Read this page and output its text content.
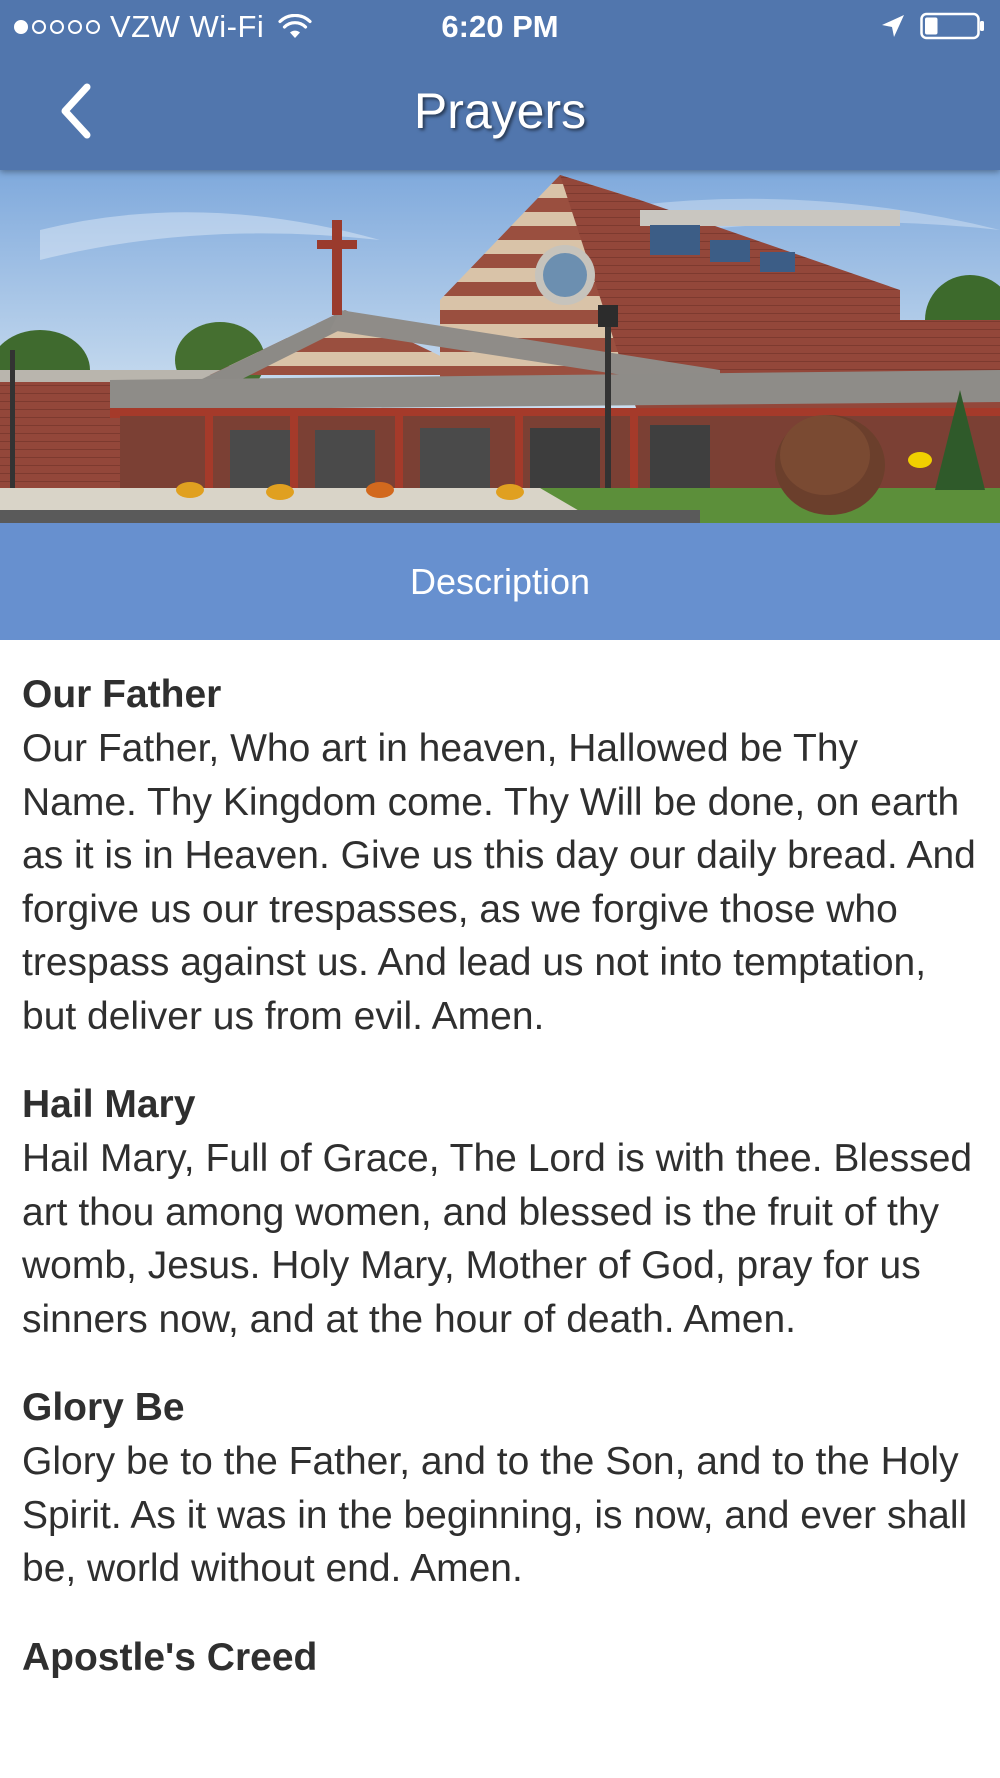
VZW Wi-Fi	6:20 PM
Prayers
Description
Our Father
Our Father, Who art in heaven, Hallowed be Thy Name. Thy Kingdom come. Thy Will be done, on earth as it is in Heaven. Give us this day our daily bread. And forgive us our trespasses, as we forgive those who trespass against us. And lead us not into temptation, but deliver us from evil. Amen.
Hail Mary
Hail Mary, Full of Grace, The Lord is with thee. Blessed art thou among women, and blessed is the fruit of thy womb, Jesus. Holy Mary, Mother of God, pray for us sinners now, and at the hour of death. Amen.
Glory Be
Glory be to the Father, and to the Son, and to the Holy Spirit. As it was in the beginning, is now, and ever shall be, world without end. Amen.
Apostle's Creed
